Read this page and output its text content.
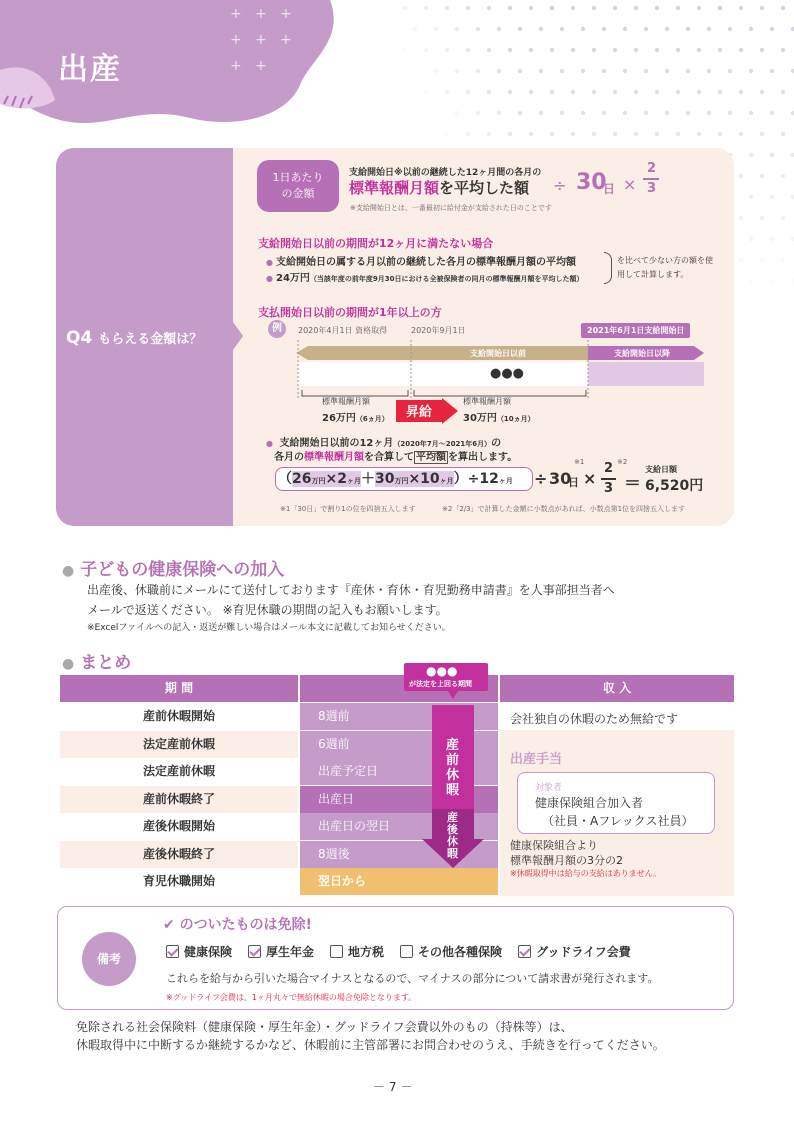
+ + +
+ + +
+ +
出産
Q4 もらえる金額は？
1日あたり
の金額
支給開始日※以前の継続した12ヶ月間の各月の
標準報酬月額を平均した額 ÷ 30
日 ×
2
3
※支給開始日とは、一番最初に給付金が支給された日のことです
支給開始日以前の期間が12ヶ月に満たない場合
● 支給開始日の属する月以前の継続した各月の標準報酬月額の平均額
● 24万円（当該年度の前年度9月30日における全被保険者の同月の標準報酬月額を平均した額）
を比べて少ない方の額を使用して計算します。
支払開始日以前の期間が1年以上の方
例	2020年4月1日 資格取得	2020年9月1日	2021年6月1日支給開始日
支給開始日以前	支給開始日以降
●●●
標準報酬月額
26万円（6ヵ月） 昇給
標準報酬月額
30万円（10ヵ月）
● 支給開始日以前の12ヶ月（2020年7月〜2021年6月）の
各月の標準報酬月額を合算して 平均額 を算出します。
（26万円×2ヶ月＋30万円×10ヶ月）÷12ヶ月	÷ 30
日
※1
×
2
3
※2
＝
支給日額
6,520円
※1「30日」で割り1の位を四捨五入します	※2「2/3」で計算した金額に小数点があれば、小数点第1位を四捨五入します
● 子どもの健康保険への加入
出産後、休職前にメールにて送付しております『産休・育休・育児勤務申請書』を人事部担当者へ
メールで返送ください。 ※育児休職の期間の記入もお願いします。
※Excelファイルへの記入・返送が難しい場合はメール本文に記載してお知らせください。
● まとめ
期 間	収 入
産前休暇開始	8週前
法定産前休暇	6週前
法定産前休暇	出産予定日
産前休暇終了	出産日
産後休暇開始	出産日の翌日
産後休暇終了	8週後
育児休職開始	翌日から
会社独自の休暇のため無給です
出産手当
対象者
健康保険組合加入者
（社員・Aフレックス社員）
健康保険組合より
標準報酬月額の3分の2
※休暇取得中は給与の支給はありません。
●●●
が法定を上回る期間
産前休暇
産後休暇
備考
✔ のついたものは免除!
健康保険	厚生年金	地方税	その他各種保険	グッドライフ会費
これらを給与から引いた場合マイナスとなるので、マイナスの部分について請求書が発行されます。
※グッドライフ会費は、1ヶ月丸々で無給休暇の場合免除となります。
免除される社会保険料（健康保険・厚生年金）・グッドライフ会費以外のもの（持株等）は、
休暇取得中に中断するか継続するかなど、休暇前に主管部署にお問合わせのうえ、手続きを行ってください。
－ 7 －
